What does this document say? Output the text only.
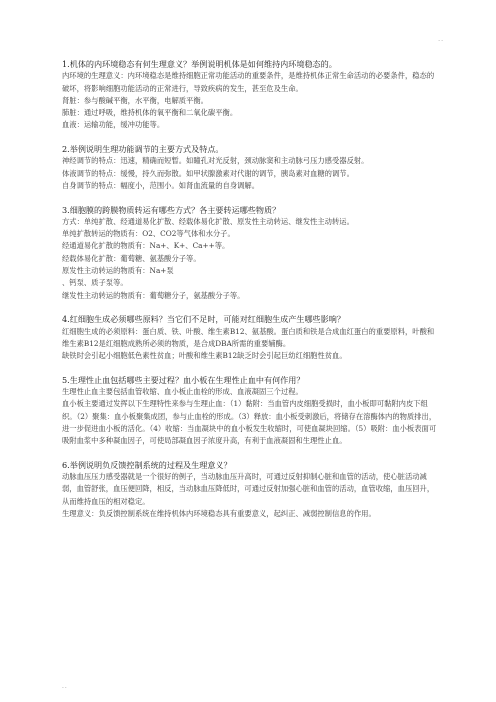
..

1.机体的内环境稳态有何生理意义？举例说明机体是如何维持内环境稳态的。

内环境的生理意义：内环境稳态是维持细胞正常功能活动的重要条件，是维持机体正常生命活动的必要条件，稳态的破坏，将影响细胞功能活动的正常进行，导致疾病的发生，甚至危及生命。

肾脏：参与酸碱平衡，水平衡，电解质平衡。

肺脏：通过呼吸，维持机体的氧平衡和二氧化碳平衡。

血液：运输功能，缓冲功能等。

2.举例说明生理功能调节的主要方式及特点。

神经调节的特点：迅速，精确而短暂。如瞳孔对光反射，颈动脉窦和主动脉弓压力感受器反射。

体液调节的特点：缓慢，持久而弥散。如甲状腺激素对代谢的调节，胰岛素对血糖的调节。

自身调节的特点：幅度小，范围小。如肾血流量的自身调解。

3.细胞膜的跨膜物质转运有哪些方式？各主要转运哪些物质？

方式：单纯扩散、经通道易化扩散、经载体易化扩散、原发性主动转运、继发性主动转运。

单纯扩散转运的物质有：O2、CO2等气体和水分子。

经通道易化扩散的物质有：Na+、K+、Ca++等。

经载体易化扩散：葡萄糖、氨基酸分子等。

原发性主动转运的物质有：Na+泵

、钙泵、质子泵等。

继发性主动转运的物质有：葡萄糖分子，氨基酸分子等。

4.红细胞生成必须哪些原料？当它们不足时，可能对红细胞生成产生哪些影响？

红细胞生成的必须原料：蛋白质、铁、叶酸、维生素B12、氨基酸。蛋白质和铁是合成血红蛋白的重要原料，叶酸和维生素B12是红细胞成熟所必须的物质，是合成DBA所需的重要辅酶。

缺铁时会引起小细胞低色素性贫血；叶酸和维生素B12缺乏时会引起巨幼红细胞性贫血。

5.生理性止血包括哪些主要过程？血小板在生理性止血中有何作用？

生理性止血主要包括血管收缩、血小板止血栓的形成、血液凝固三个过程。

血小板主要通过发挥以下生理特性来参与生理止血：（1）黏附：当血管内皮细胞受损时，血小板即可黏附内皮下组织。（2）聚集：血小板聚集成团，参与止血栓的形成。（3）释放：血小板受刺激后，将储存在溶酶体内的物质排出，进一步促进血小板的活化。（4）收缩：当血凝块中的血小板发生收缩时，可使血凝块回缩。（5）吸附：血小板表面可吸附血浆中多种凝血因子，可使局部凝血因子浓度升高，有利于血液凝固和生理性止血。

6.举例说明负反馈控制系统的过程及生理意义？

动脉血压压力感受器就是一个很好的例子，当动脉血压升高时，可通过反射抑制心脏和血管的活动，使心脏活动减弱，血管舒张，血压便回降，相反，当动脉血压降低时，可通过反射加强心脏和血管的活动，血管收缩，血压回升，从而维持血压的相对稳定。

生理意义：负反馈控制系统在维持机体内环境稳态具有重要意义，起纠正、减弱控制信息的作用。

..
